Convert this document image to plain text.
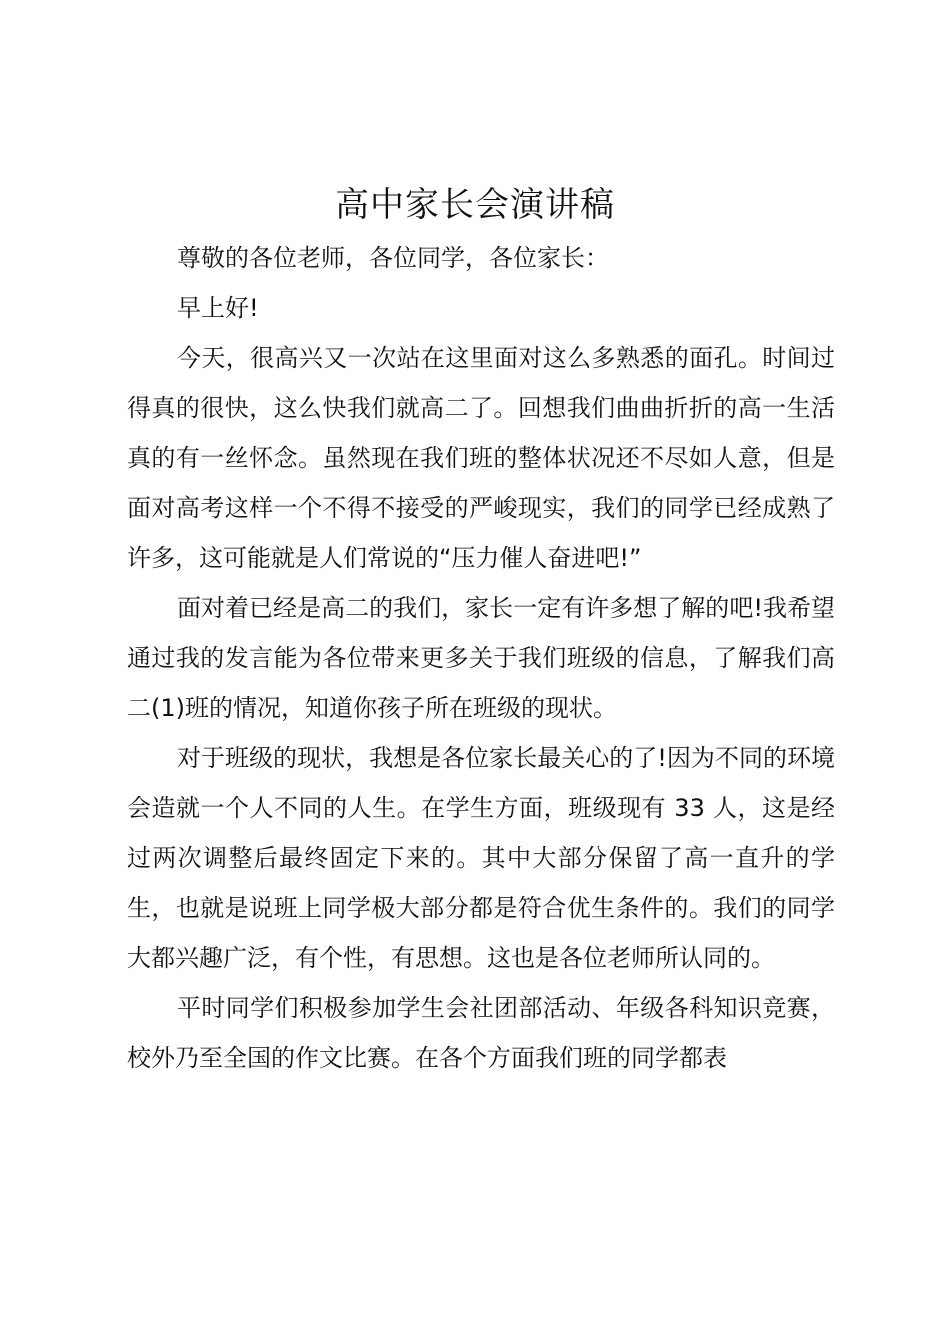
高中家长会演讲稿

尊敬的各位老师，各位同学，各位家长：

早上好!

今天，很高兴又一次站在这里面对这么多熟悉的面孔。时间过得真的很快，这么快我们就高二了。回想我们曲曲折折的高一生活真的有一丝怀念。虽然现在我们班的整体状况还不尽如人意，但是面对高考这样一个不得不接受的严峻现实，我们的同学已经成熟了许多，这可能就是人们常说的“压力催人奋进吧!”

面对着已经是高二的我们，家长一定有许多想了解的吧!我希望通过我的发言能为各位带来更多关于我们班级的信息，了解我们高二(1)班的情况，知道你孩子所在班级的现状。

对于班级的现状，我想是各位家长最关心的了!因为不同的环境会造就一个人不同的人生。在学生方面，班级现有 33 人，这是经过两次调整后最终固定下来的。其中大部分保留了高一直升的学生，也就是说班上同学极大部分都是符合优生条件的。我们的同学大都兴趣广泛，有个性，有思想。这也是各位老师所认同的。

平时同学们积极参加学生会社团部活动、年级各科知识竞赛，校外乃至全国的作文比赛。在各个方面我们班的同学都表
